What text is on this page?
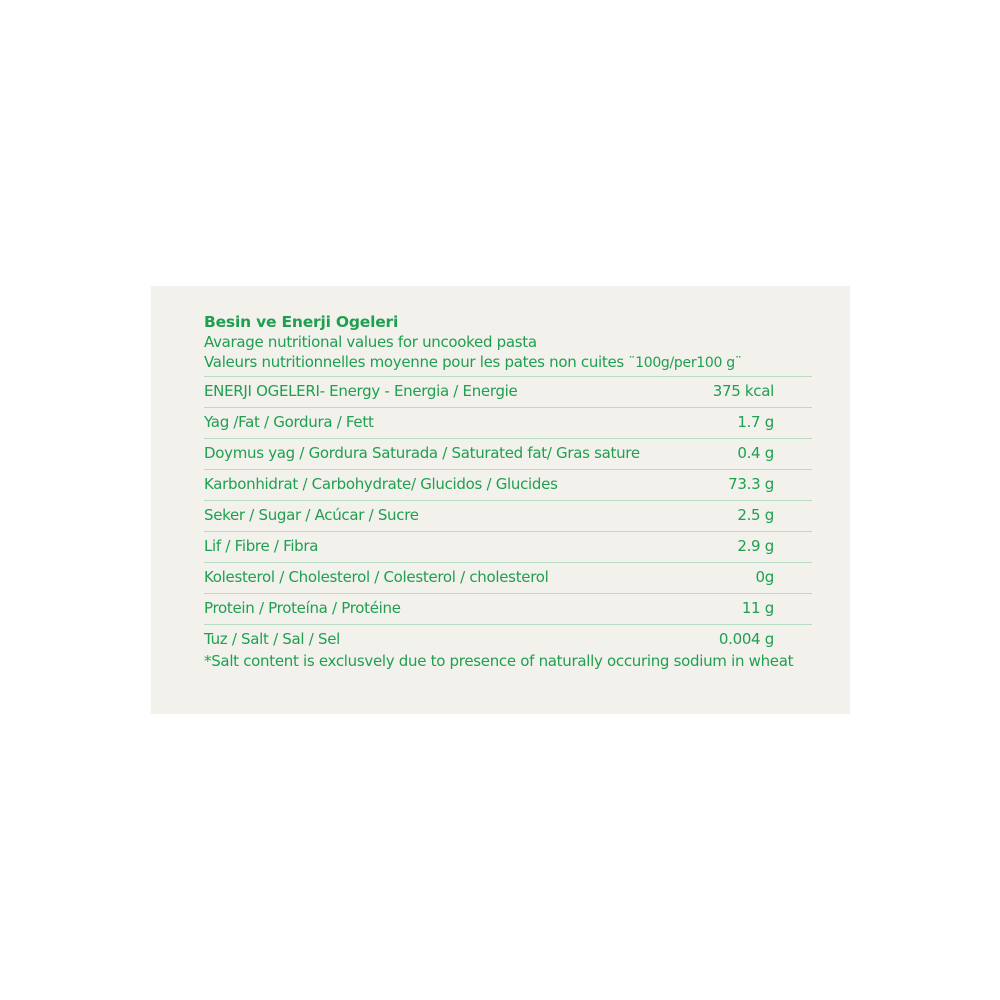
Besin ve Enerji Ogeleri
Avarage nutritional values for uncooked pasta
Valeurs nutritionnelles moyenne pour les pates non cuites ¨100g/per100 g¨
ENERJI OGELERI- Energy - Energia / Energie	375 kcal
Yag /Fat / Gordura / Fett	1.7 g
Doymus yag / Gordura Saturada / Saturated fat/ Gras sature	0.4 g
Karbonhidrat / Carbohydrate/ Glucidos / Glucides	73.3 g
Seker / Sugar / Acúcar / Sucre	2.5 g
Lif / Fibre / Fibra	2.9 g
Kolesterol / Cholesterol / Colesterol / cholesterol	0g
Protein / Proteína / Protéine	11 g
Tuz / Salt / Sal / Sel	0.004 g
*Salt content is exclusvely due to presence of naturally occuring sodium in wheat
